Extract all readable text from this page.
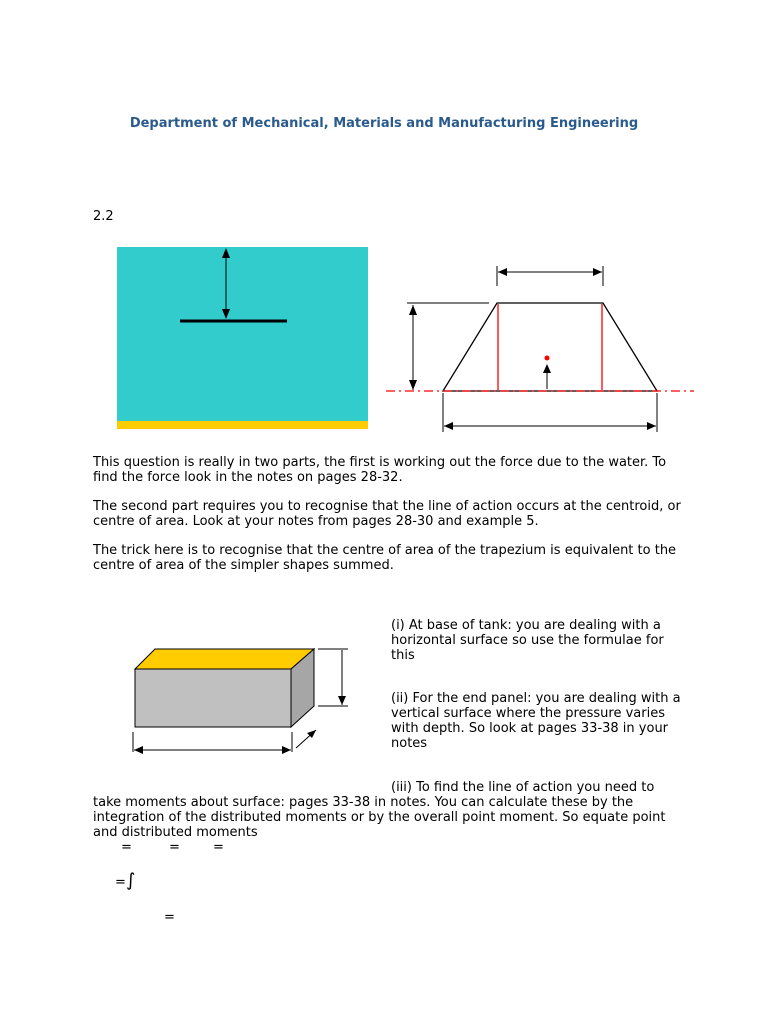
Department of Mechanical, Materials and Manufacturing Engineering
2.2

This question is really in two parts, the first is working out the force due to the water. To find the force look in the notes on pages 28-32.

The second part requires you to recognise that the line of action occurs at the centroid, or centre of area. Look at your notes from pages 28-30 and example 5.

The trick here is to recognise that the centre of area of the trapezium is equivalent to the centre of area of the simpler shapes summed.

(i) At base of tank: you are dealing with a horizontal surface so use the formulae for this

(ii) For the end panel: you are dealing with a vertical surface where the pressure varies with depth. So look at pages 33-38 in your notes

(iii) To find the line of action you need to

take moments about surface: pages 33-38 in notes. You can calculate these by the integration of the distributed moments or by the overall point moment. So equate point and distributed moments

=	=	=
= ∫
=
